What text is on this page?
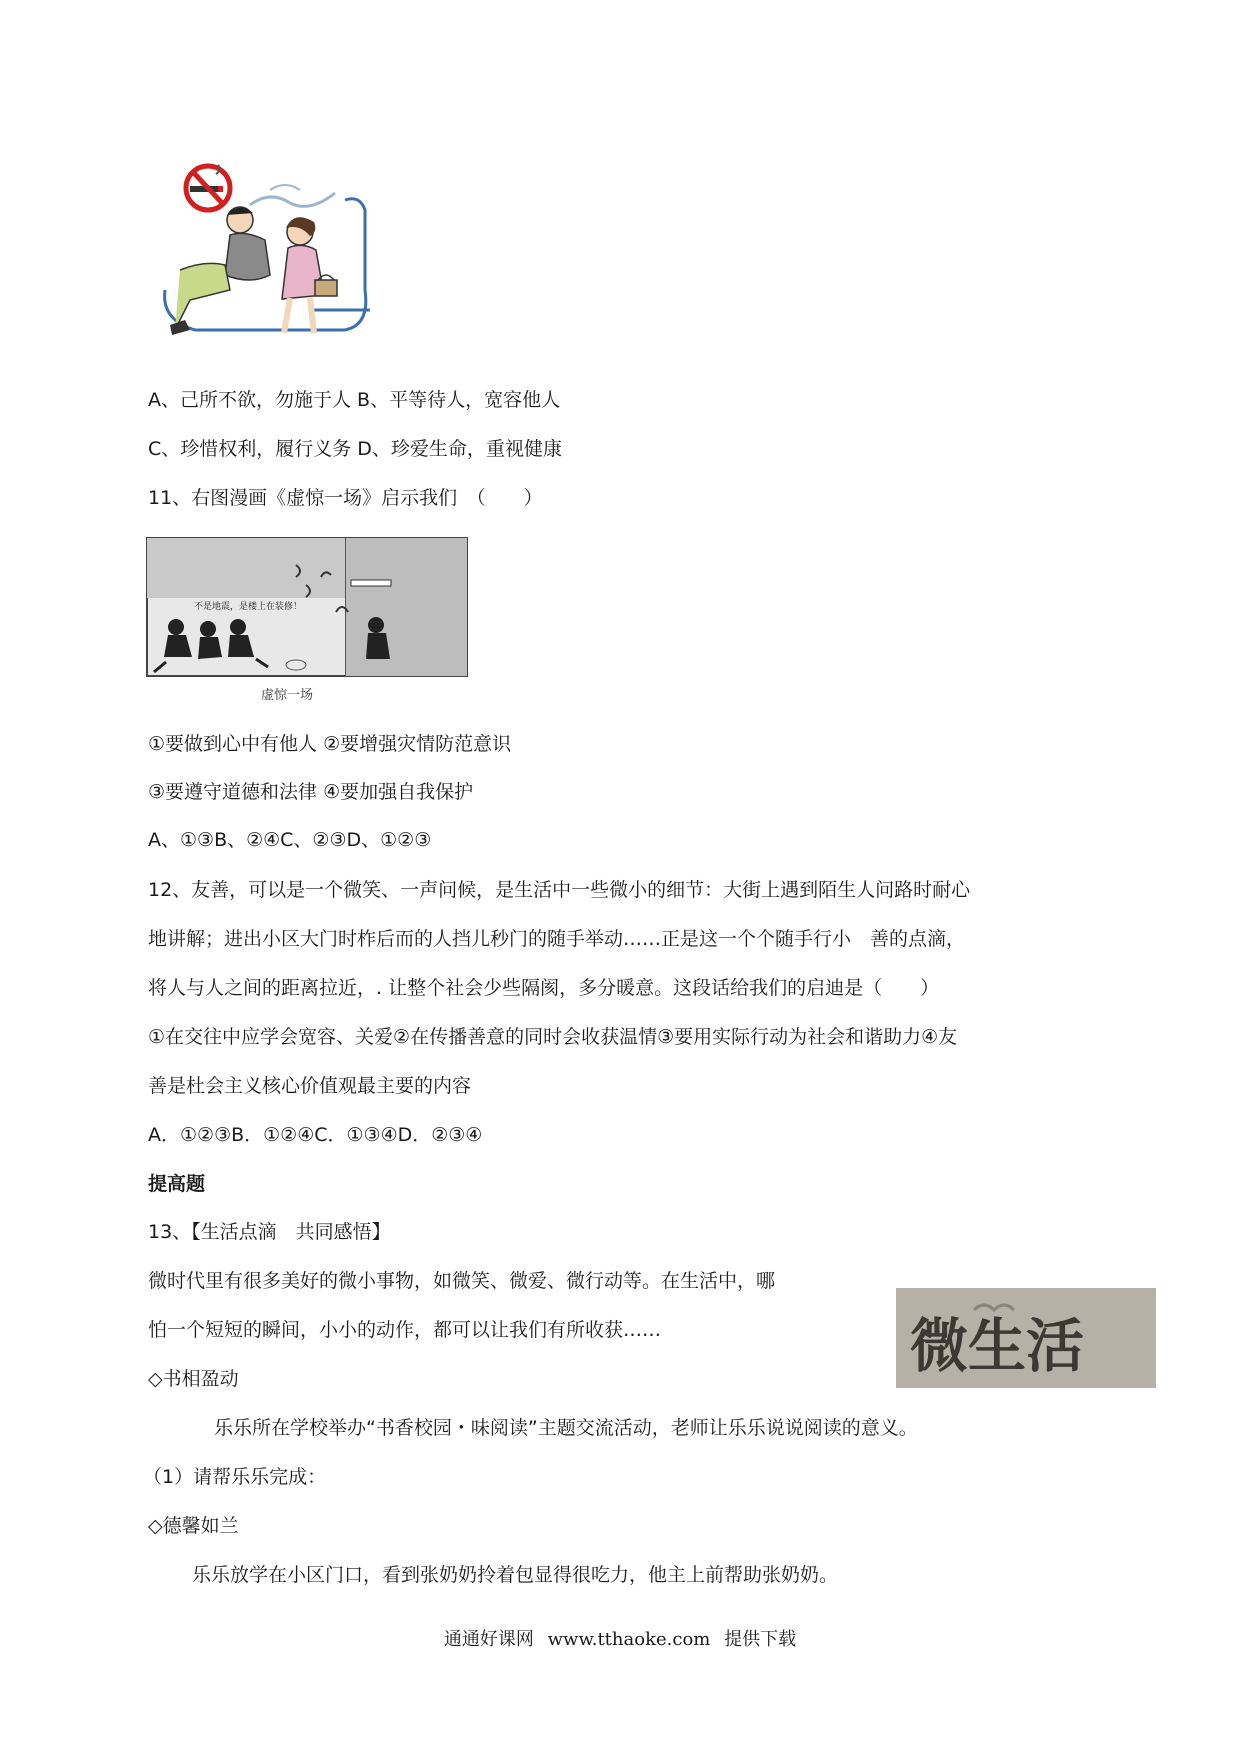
A、己所不欲，勿施于人 B、平等待人，宽容他人
C、珍惜权利，履行义务 D、珍爱生命，重视健康
11、右图漫画《虚惊一场》启示我们　（　　）
不是地震，是楼上在装修！
虚惊一场
①要做到心中有他人 ②要增强灾情防范意识
③要遵守道德和法律 ④要加强自我保护
A、①③B、②④C、②③D、①②③
12、友善，可以是一个微笑、一声问候，是生活中一些微小的细节：大街上遇到陌生人问路时耐心
地讲解；进出小区大门时柞后而的人挡儿秒门的随手举动……正是这一个个随手行小　善的点滴，
将人与人之间的距离拉近，. 让整个社会少些隔阂，多分暖意。这段话给我们的启迪是（　　）
①在交往中应学会宽容、关爱②在传播善意的同时会收获温情③要用实际行动为社会和谐助力④友
善是杜会主义核心价值观最主要的内容
A．①②③B．①②④C．①③④D．②③④
提高题
13、【生活点滴　共同感悟】
微时代里有很多美好的微小事物，如微笑、微爱、微行动等。在生活中，哪
怕一个短短的瞬间，小小的动作，都可以让我们有所收获……	微生活
◇书相盈动
乐乐所在学校举办“书香校园・味阅读”主题交流活动，老师让乐乐说说阅读的意义。
（1）请帮乐乐完成：
◇德馨如兰
乐乐放学在小区门口，看到张奶奶拎着包显得很吃力，他主上前帮助张奶奶。
通通好课网 www.tthaoke.com 提供下载
